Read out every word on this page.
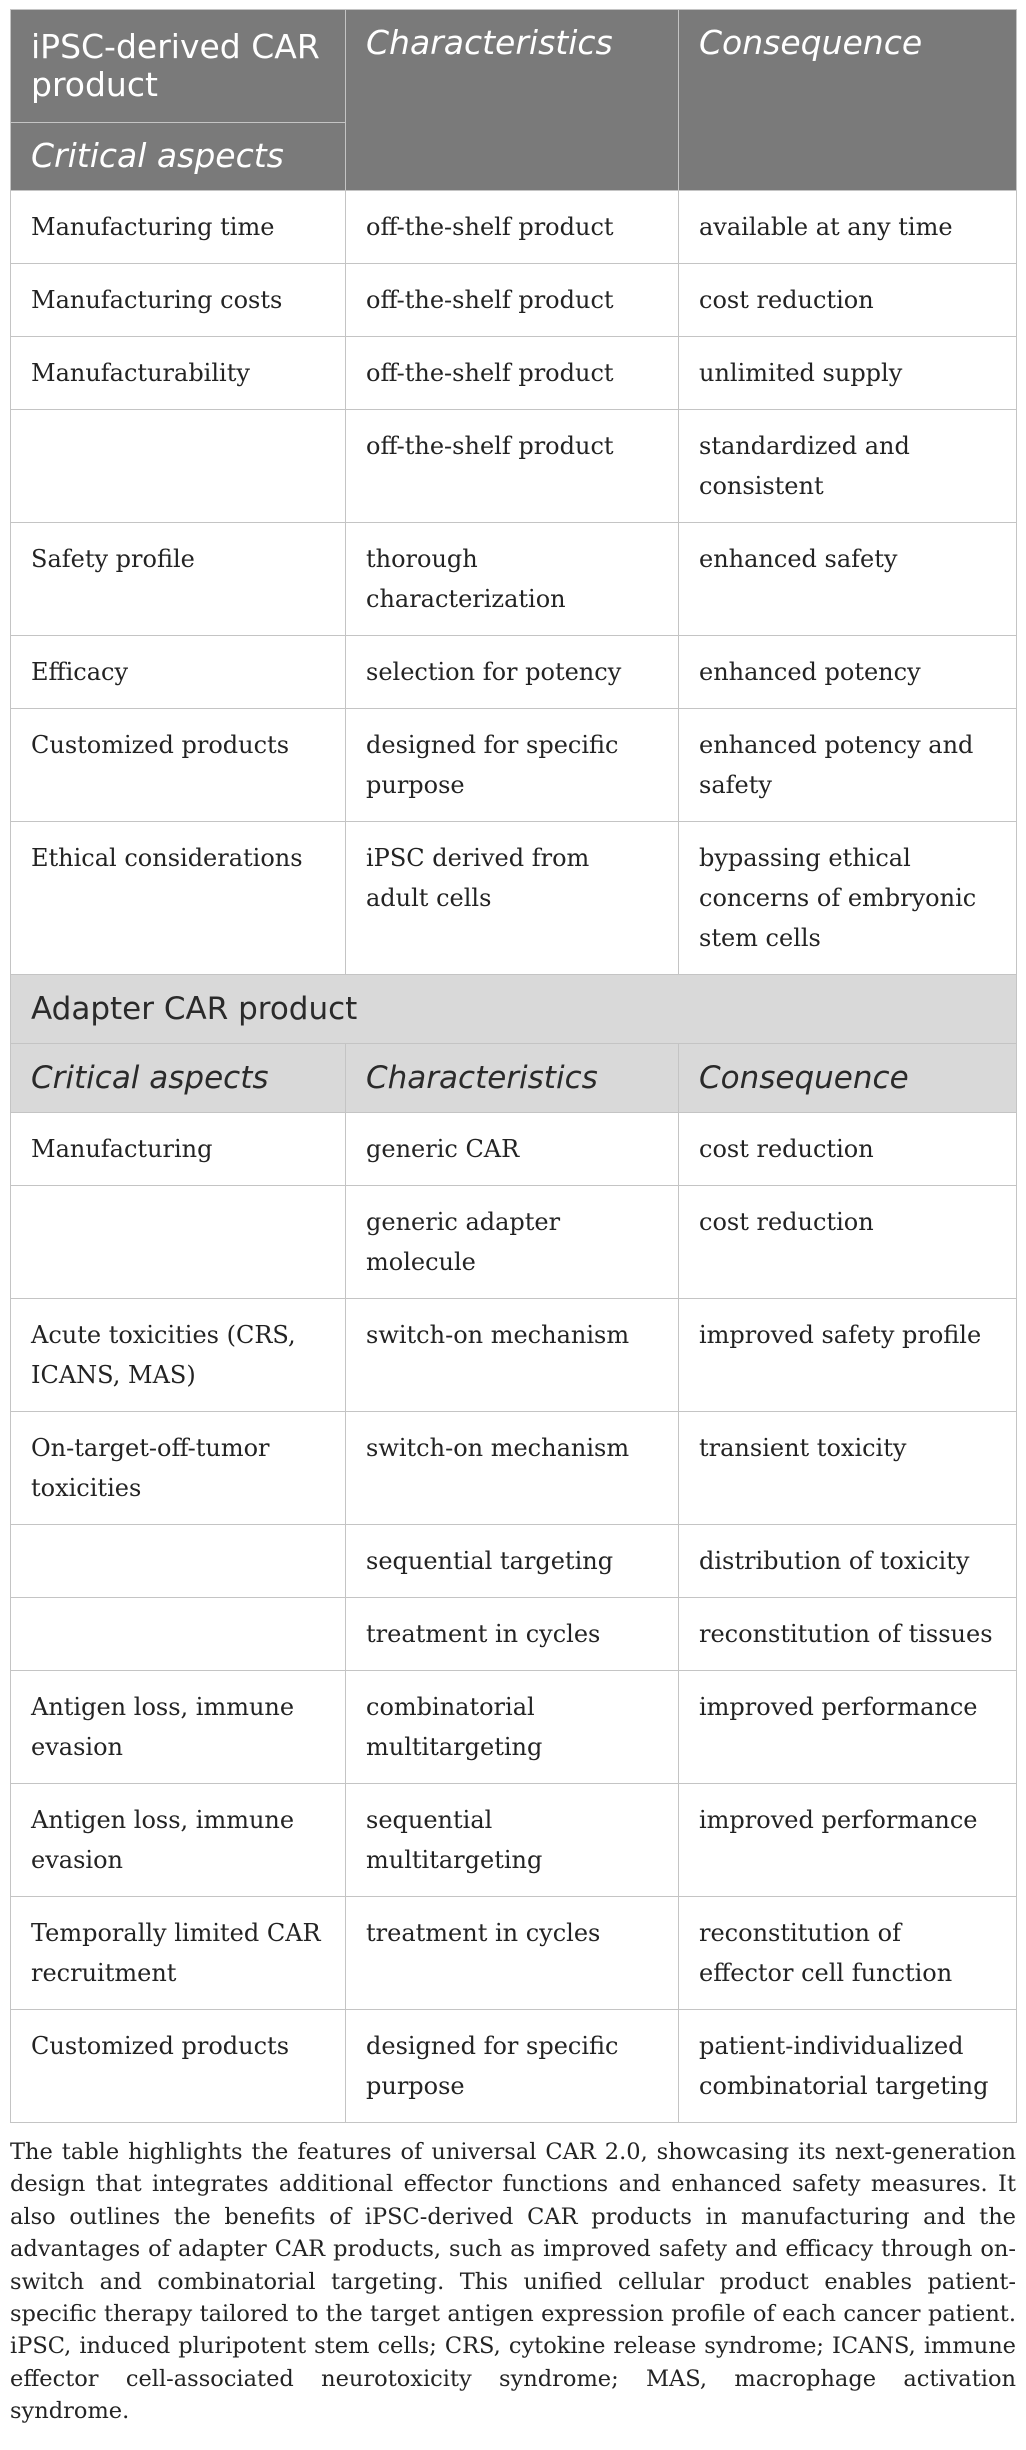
iPSC-derived CAR product	Characteristics	Consequence
Critical aspects		
Manufacturing time	off-the-shelf product	available at any time
Manufacturing costs	off-the-shelf product	cost reduction
Manufacturability	off-the-shelf product	unlimited supply
	off-the-shelf product	standardized and consistent
Safety profile	thorough characterization	enhanced safety
Efficacy	selection for potency	enhanced potency
Customized products	designed for specific purpose	enhanced potency and safety
Ethical considerations	iPSC derived from adult cells	bypassing ethical concerns of embryonic stem cells
Adapter CAR product		
Critical aspects	Characteristics	Consequence
Manufacturing	generic CAR	cost reduction
	generic adapter molecule	cost reduction
Acute toxicities (CRS, ICANS, MAS)	switch-on mechanism	improved safety profile
On-target-off-tumor toxicities	switch-on mechanism	transient toxicity
	sequential targeting	distribution of toxicity
	treatment in cycles	reconstitution of tissues
Antigen loss, immune evasion	combinatorial multitargeting	improved performance
Antigen loss, immune evasion	sequential multitargeting	improved performance
Temporally limited CAR recruitment	treatment in cycles	reconstitution of effector cell function
Customized products	designed for specific purpose	patient-individualized combinatorial targeting

The table highlights the features of universal CAR 2.0, showcasing its next-generation design that integrates additional effector functions and enhanced safety measures. It also outlines the benefits of iPSC-derived CAR products in manufacturing and the advantages of adapter CAR products, such as improved safety and efficacy through on-switch and combinatorial targeting. This unified cellular product enables patient-specific therapy tailored to the target antigen expression profile of each cancer patient. iPSC, induced pluripotent stem cells; CRS, cytokine release syndrome; ICANS, immune effector cell-associated neurotoxicity syndrome; MAS, macrophage activation syndrome.
